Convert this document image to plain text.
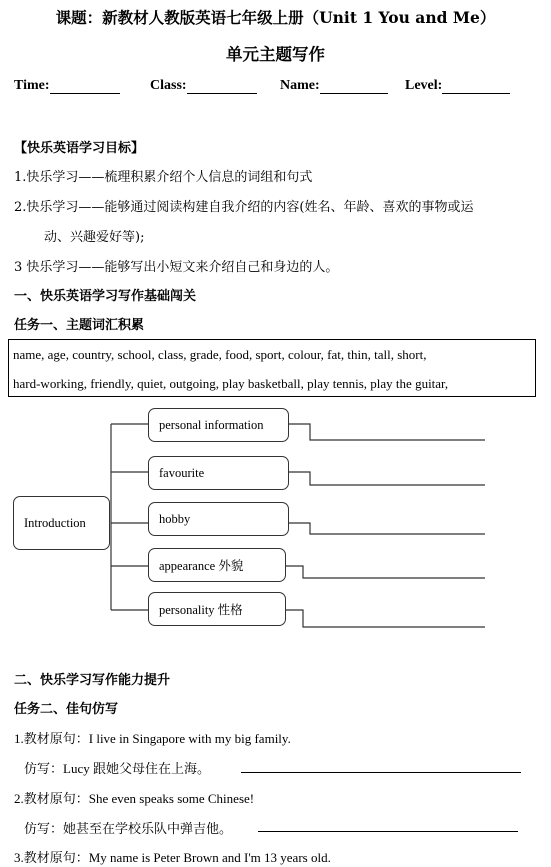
课题：新教材人教版英语七年级上册（Unit 1 You and Me）
单元主题写作
Time:	Class:	Name:	Level:
【快乐英语学习目标】
1.快乐学习——梳理积累介绍个人信息的词组和句式
2.快乐学习——能够通过阅读构建自我介绍的内容(姓名、年龄、喜欢的事物或运
动、兴趣爱好等);
3 快乐学习——能够写出小短文来介绍自己和身边的人。
一、快乐英语学习写作基础闯关
任务一、主题词汇积累
name, age, country, school, class, grade, food, sport, colour, fat, thin, tall, short,
hard-working, friendly, quiet, outgoing, play basketball, play tennis, play the guitar,
Introduction
personal information
favourite
hobby
appearance 外貌
personality 性格
二、快乐学习写作能力提升
任务二、佳句仿写
1.教材原句：I live in Singapore with my big family.
仿写：Lucy 跟她父母住在上海。
2.教材原句：She even speaks some Chinese!
仿写：她甚至在学校乐队中弹吉他。
3.教材原句：My name is Peter Brown and I'm 13 years old.
